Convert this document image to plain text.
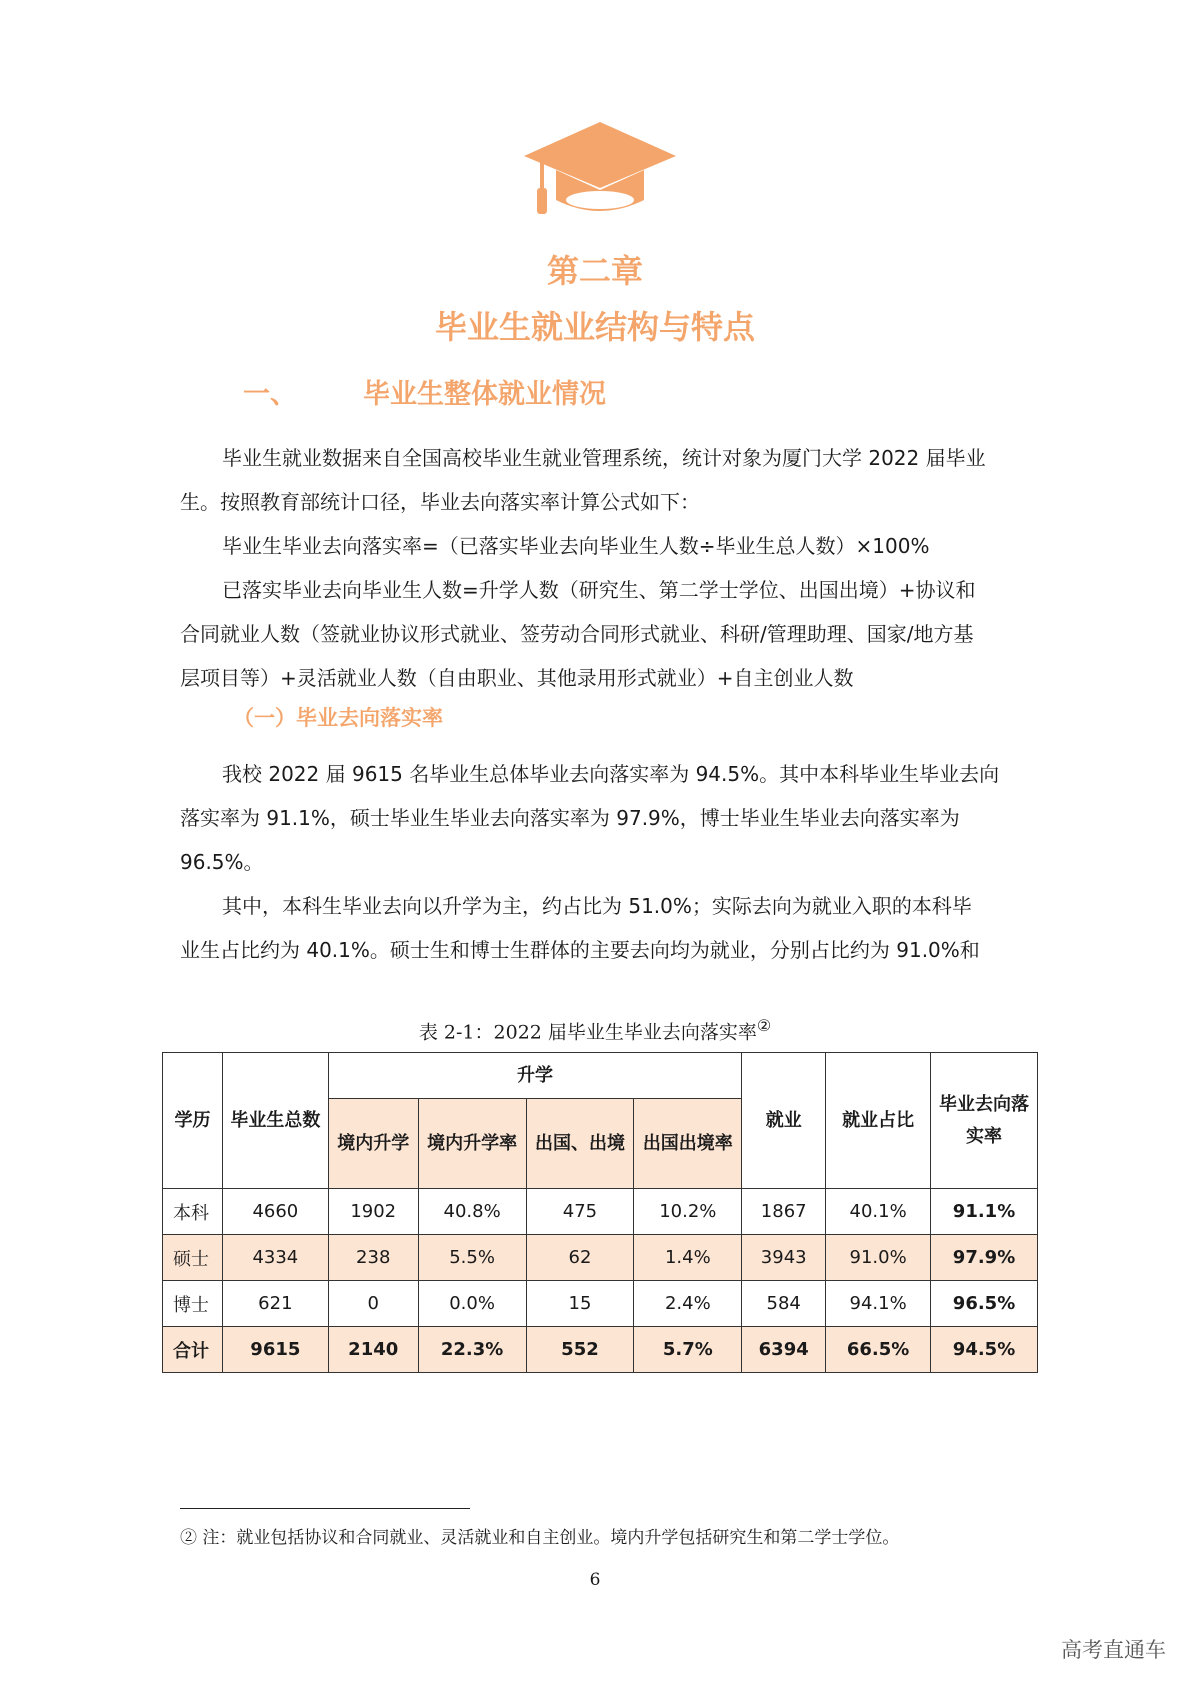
第二章
毕业生就业结构与特点
一、 毕业生整体就业情况
毕业生就业数据来自全国高校毕业生就业管理系统，统计对象为厦门大学 2022 届毕业
生。按照教育部统计口径，毕业去向落实率计算公式如下：
毕业生毕业去向落实率=（已落实毕业去向毕业生人数÷毕业生总人数）×100%
已落实毕业去向毕业生人数=升学人数（研究生、第二学士学位、出国出境）+协议和
合同就业人数（签就业协议形式就业、签劳动合同形式就业、科研/管理助理、国家/地方基
层项目等）+灵活就业人数（自由职业、其他录用形式就业）+自主创业人数
（一）毕业去向落实率
我校 2022 届 9615 名毕业生总体毕业去向落实率为 94.5%。其中本科毕业生毕业去向
落实率为 91.1%，硕士毕业生毕业去向落实率为 97.9%，博士毕业生毕业去向落实率为
96.5%。
其中，本科生毕业去向以升学为主，约占比为 51.0%；实际去向为就业入职的本科毕
业生占比约为 40.1%。硕士生和博士生群体的主要去向均为就业，分别占比约为 91.0%和
表 2-1：2022 届毕业生毕业去向落实率②
学历	毕业生总数	升学				就业	就业占比	毕业去向落实率
		境内升学	境内升学率	出国、出境	出国出境率			
本科	4660	1902	40.8%	475	10.2%	1867	40.1%	91.1%
硕士	4334	238	5.5%	62	1.4%	3943	91.0%	97.9%
博士	621	0	0.0%	15	2.4%	584	94.1%	96.5%
合计	9615	2140	22.3%	552	5.7%	6394	66.5%	94.5%
② 注：就业包括协议和合同就业、灵活就业和自主创业。境内升学包括研究生和第二学士学位。
6
高考直通车
